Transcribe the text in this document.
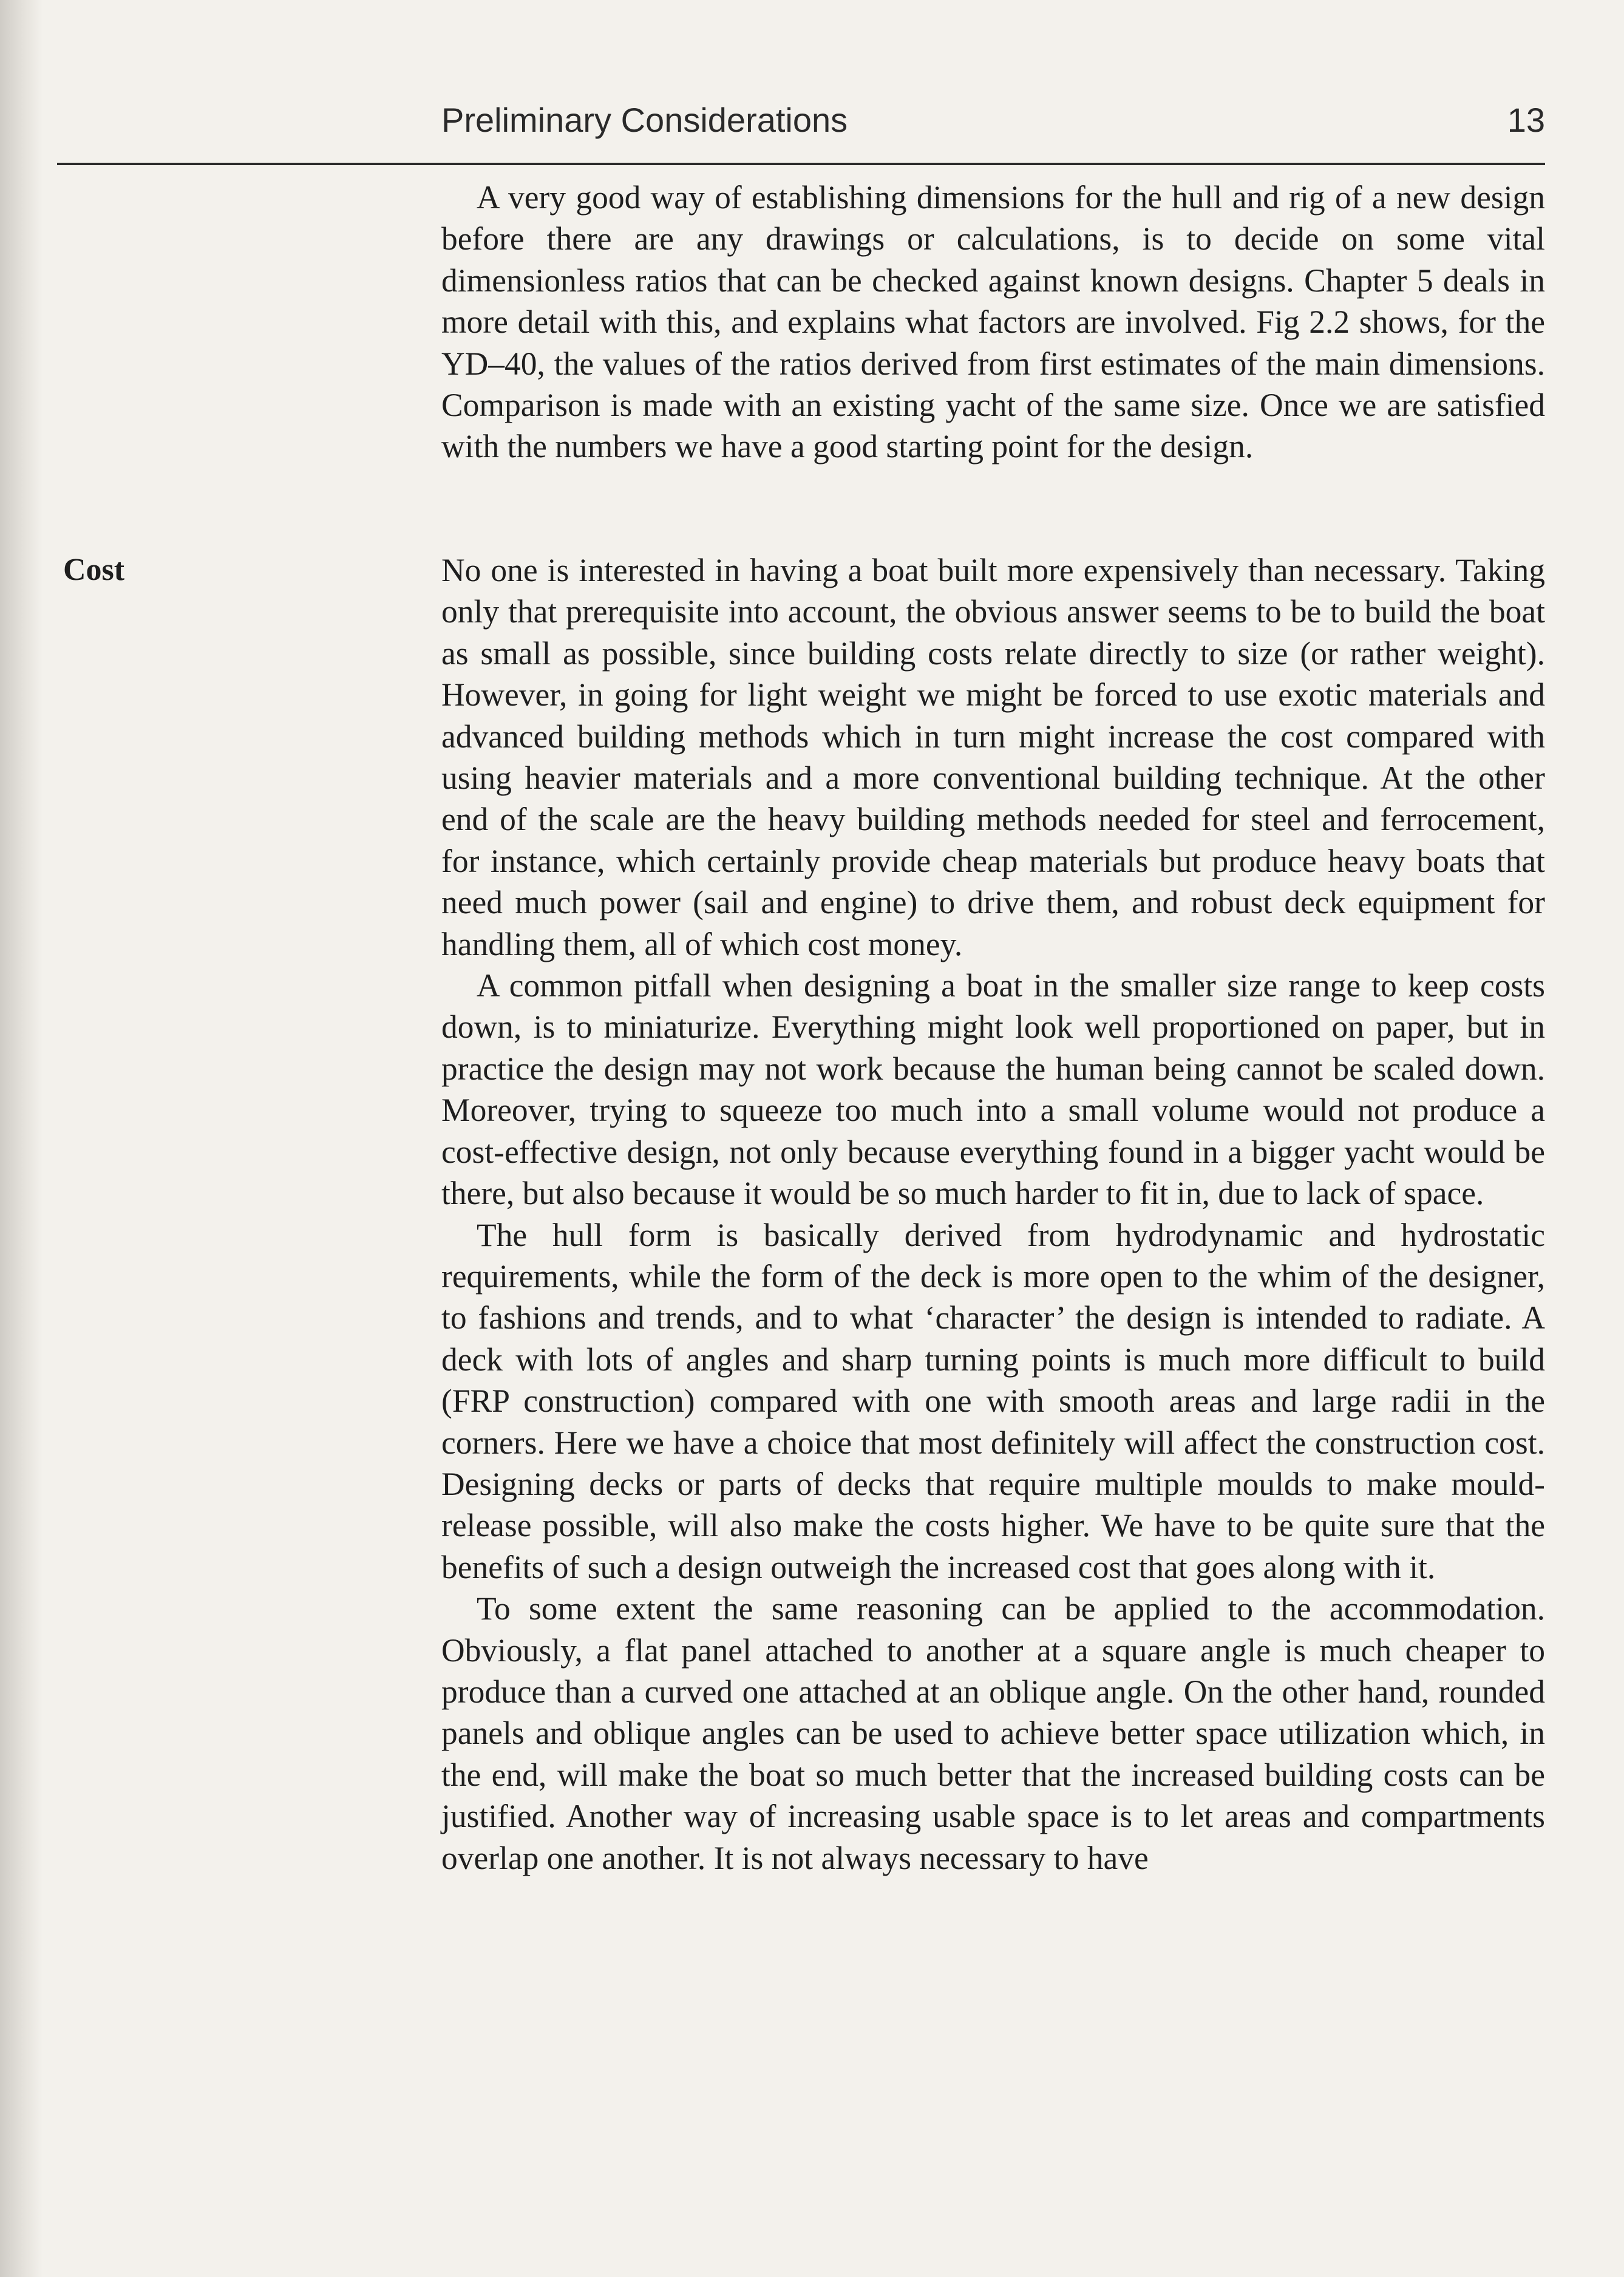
Preliminary Considerations	13

A very good way of establishing dimensions for the hull and rig of a new design before there are any drawings or calculations, is to decide on some vital dimensionless ratios that can be checked against known designs. Chapter 5 deals in more detail with this, and explains what factors are involved. Fig 2.2 shows, for the YD–40, the values of the ratios derived from first estimates of the main dimensions. Comparison is made with an existing yacht of the same size. Once we are satisfied with the numbers we have a good starting point for the design.

Cost	No one is interested in having a boat built more expensively than necessary. Taking only that prerequisite into account, the obvious answer seems to be to build the boat as small as possible, since building costs relate directly to size (or rather weight). However, in going for light weight we might be forced to use exotic materials and advanced building methods which in turn might increase the cost compared with using heavier materials and a more conventional building technique. At the other end of the scale are the heavy building methods needed for steel and ferrocement, for instance, which certainly provide cheap materials but produce heavy boats that need much power (sail and engine) to drive them, and robust deck equipment for handling them, all of which cost money.

A common pitfall when designing a boat in the smaller size range to keep costs down, is to miniaturize. Everything might look well proportioned on paper, but in practice the design may not work because the human being cannot be scaled down. Moreover, trying to squeeze too much into a small volume would not produce a cost-effective design, not only because everything found in a bigger yacht would be there, but also because it would be so much harder to fit in, due to lack of space.

The hull form is basically derived from hydrodynamic and hydrostatic requirements, while the form of the deck is more open to the whim of the designer, to fashions and trends, and to what ‘character’ the design is intended to radiate. A deck with lots of angles and sharp turning points is much more difficult to build (FRP construction) compared with one with smooth areas and large radii in the corners. Here we have a choice that most definitely will affect the construction cost. Designing decks or parts of decks that require multiple moulds to make mould-release possible, will also make the costs higher. We have to be quite sure that the benefits of such a design outweigh the increased cost that goes along with it.

To some extent the same reasoning can be applied to the accommodation. Obviously, a flat panel attached to another at a square angle is much cheaper to produce than a curved one attached at an oblique angle. On the other hand, rounded panels and oblique angles can be used to achieve better space utilization which, in the end, will make the boat so much better that the increased building costs can be justified. Another way of increasing usable space is to let areas and compartments overlap one another. It is not always necessary to have
